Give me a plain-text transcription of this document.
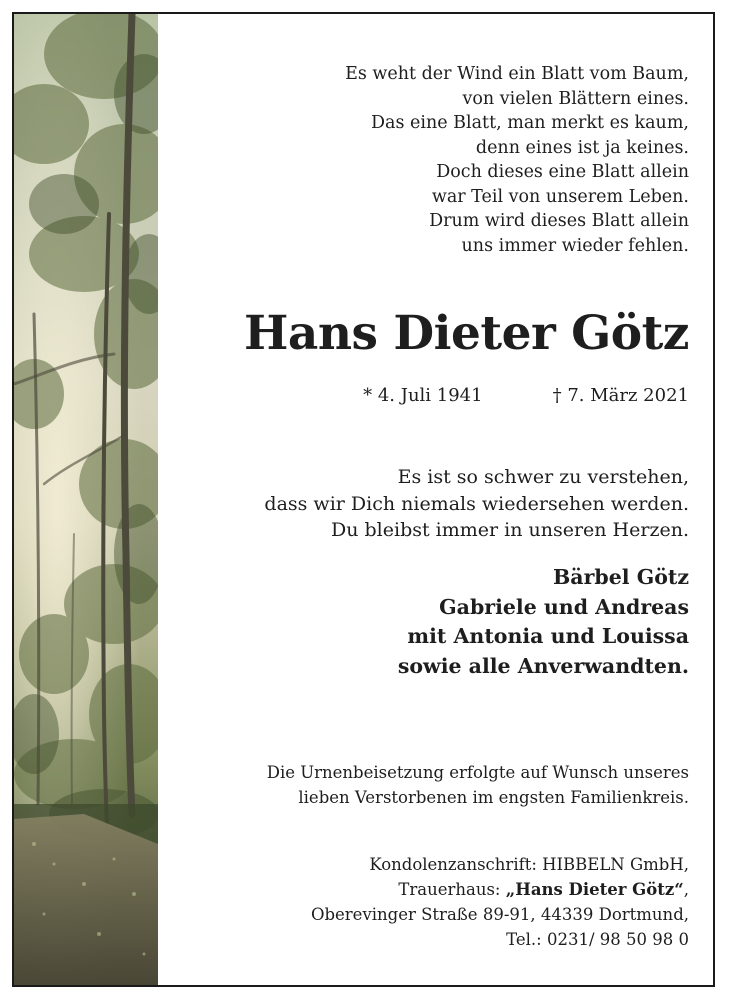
Es weht der Wind ein Blatt vom Baum,
von vielen Blättern eines.
Das eine Blatt, man merkt es kaum,
denn eines ist ja keines.
Doch dieses eine Blatt allein
war Teil von unserem Leben.
Drum wird dieses Blatt allein
uns immer wieder fehlen.
Hans Dieter Götz
* 4. Juli 1941	† 7. März 2021
Es ist so schwer zu verstehen,
dass wir Dich niemals wiedersehen werden.
Du bleibst immer in unseren Herzen.
Bärbel Götz
Gabriele und Andreas
mit Antonia und Louissa
sowie alle Anverwandten.
Die Urnenbeisetzung erfolgte auf Wunsch unseres
lieben Verstorbenen im engsten Familienkreis.
Kondolenzanschrift: HIBBELN GmbH,
Trauerhaus: „Hans Dieter Götz“,
Oberevinger Straße 89-91, 44339 Dortmund,
Tel.: 0231/ 98 50 98 0
